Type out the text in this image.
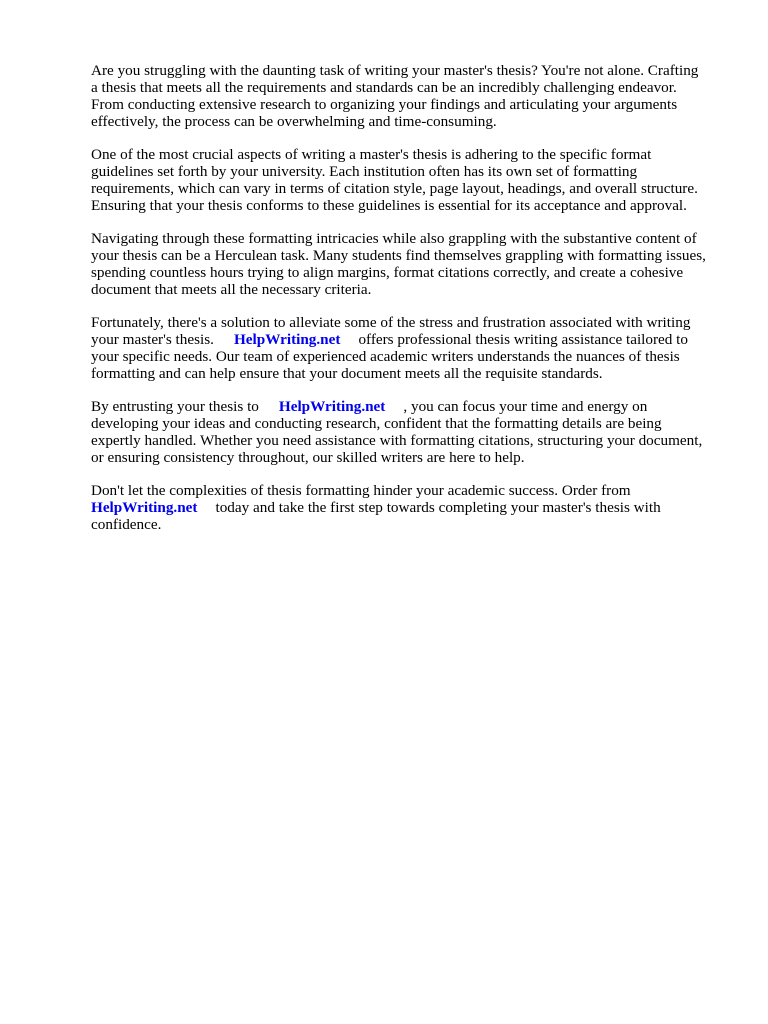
Are you struggling with the daunting task of writing your master's thesis? You're not alone. Crafting
a thesis that meets all the requirements and standards can be an incredibly challenging endeavor.
From conducting extensive research to organizing your findings and articulating your arguments
effectively, the process can be overwhelming and time-consuming.

One of the most crucial aspects of writing a master's thesis is adhering to the specific format
guidelines set forth by your university. Each institution often has its own set of formatting
requirements, which can vary in terms of citation style, page layout, headings, and overall structure.
Ensuring that your thesis conforms to these guidelines is essential for its acceptance and approval.

Navigating through these formatting intricacies while also grappling with the substantive content of
your thesis can be a Herculean task. Many students find themselves grappling with formatting issues,
spending countless hours trying to align margins, format citations correctly, and create a cohesive
document that meets all the necessary criteria.

Fortunately, there's a solution to alleviate some of the stress and frustration associated with writing
your master's thesis. HelpWriting.net offers professional thesis writing assistance tailored to
your specific needs. Our team of experienced academic writers understands the nuances of thesis
formatting and can help ensure that your document meets all the requisite standards.

By entrusting your thesis to HelpWriting.net , you can focus your time and energy on
developing your ideas and conducting research, confident that the formatting details are being
expertly handled. Whether you need assistance with formatting citations, structuring your document,
or ensuring consistency throughout, our skilled writers are here to help.

Don't let the complexities of thesis formatting hinder your academic success. Order from
HelpWriting.net today and take the first step towards completing your master's thesis with
confidence.
